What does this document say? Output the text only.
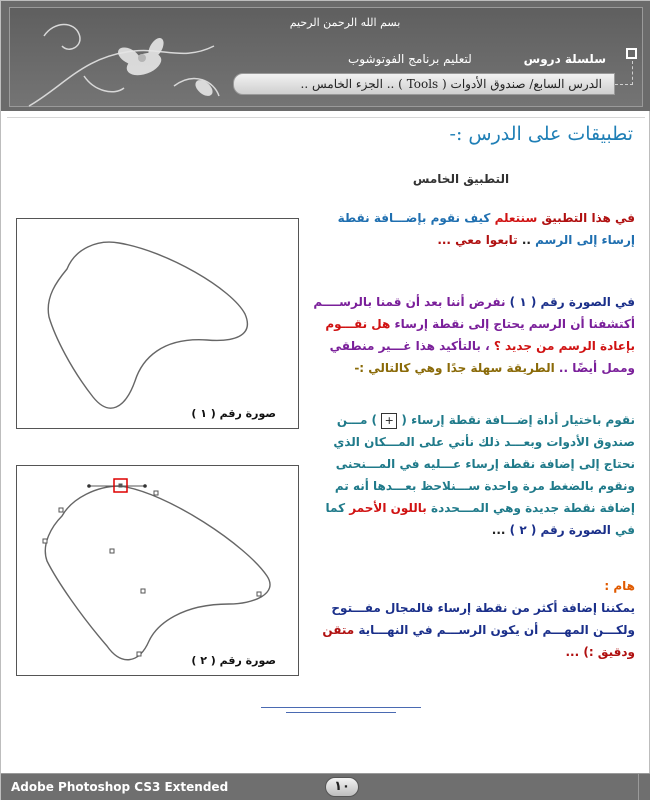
بسم الله الرحمن الرحيم
لتعليم برنامج الفوتوشوب	سلسلة دروس
الدرس السابع/ صندوق الأدوات ( Tools ) .. الجزء الخامس ..
تطبيقات على الدرس :-
التطبيق الخامس
في هذا التطبيق سنتعلم كيف نقوم بإضـــافة نقطة إرساء إلى الرسم .. تابعوا معي ...
في الصورة رقم ( ١ ) نفرض أننا بعد أن قمنا بالرســــم أكتشفنا أن الرسم يحتاج إلى نقطة إرساء هل نقـــوم بإعادة الرسم من جديد ؟ ، بالتأكيد هذا غـــير منطقي وممل أيضًا .. الطريقة سهلة جدًا وهي كالتالي :-
نقوم باختيار أداة إضـــافة نقطة إرساء ( + ) مـــن صندوق الأدوات وبعـــد ذلك نأتي على المـــكان الذي نحتاج إلى إضافة نقطة إرساء عـــليه في المـــنحنى ونقوم بالضغط مرة واحدة ســـنلاحظ بعـــدها أنه تم إضافة نقطة جديدة وهي المـــحددة باللون الأحمر كما في الصورة رقم ( ٢ ) ...
هام :
يمكننا إضافة أكثر من نقطة إرساء فالمجال مفـــتوح ولكـــن المهـــم أن يكون الرســـم في النهـــاية متقن ودقيق :) ...
صورة رقم ( ١ )
صورة رقم ( ٢ )
Adobe Photoshop CS3 Extended	١٠
